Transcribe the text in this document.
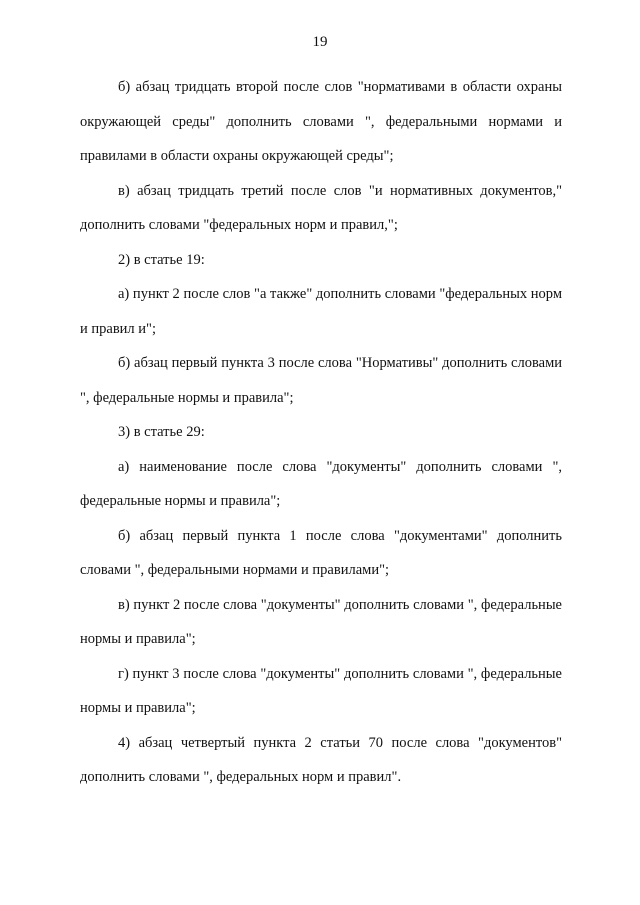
19

б) абзац тридцать второй после слов "нормативами в области охраны окружающей среды" дополнить словами ", федеральными нормами и правилами в области охраны окружающей среды";

в) абзац тридцать третий после слов "и нормативных документов," дополнить словами "федеральных норм и правил,";

2) в статье 19:

а) пункт 2 после слов "а также" дополнить словами "федеральных норм и правил и";

б) абзац первый пункта 3 после слова "Нормативы" дополнить словами ", федеральные нормы и правила";

3) в статье 29:

а) наименование после слова "документы" дополнить словами ", федеральные нормы и правила";

б) абзац первый пункта 1 после слова "документами" дополнить словами ", федеральными нормами и правилами";

в) пункт 2 после слова "документы" дополнить словами ", федеральные нормы и правила";

г) пункт 3 после слова "документы" дополнить словами ", федеральные нормы и правила";

4) абзац четвертый пункта 2 статьи 70 после слова "документов" дополнить словами ", федеральных норм и правил".
